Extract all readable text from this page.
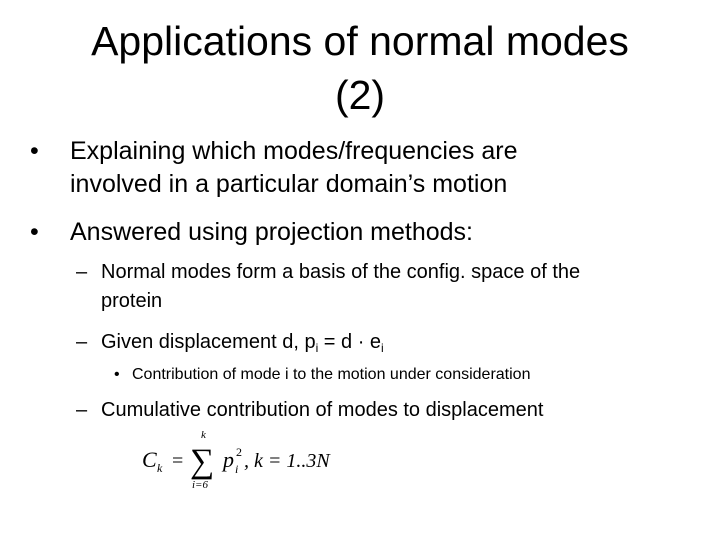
Applications of normal modes
(2)
• Explaining which modes/frequencies are
involved in a particular domain’s motion
• Answered using projection methods:
– Normal modes form a basis of the config. space of the
protein
– Given displacement d, $p_i = d \cdot e_i$
• Contribution of mode i to the motion under consideration
– Cumulative contribution of modes to displacement
C k = ∑
k
i=6
p 2
i , k = 1..3N
